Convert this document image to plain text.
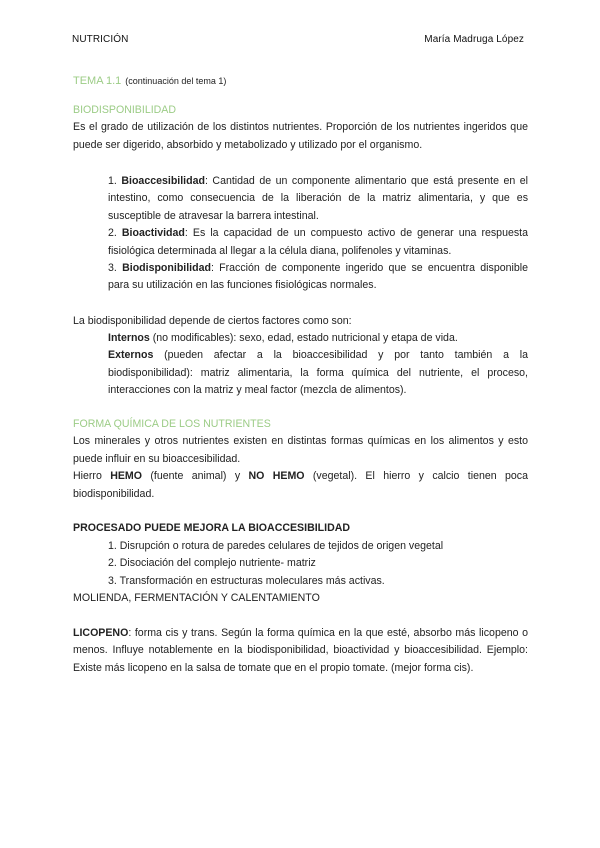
NUTRICIÓN	María Madruga López
TEMA 1.1 (continuación del tema 1)
BIODISPONIBILIDAD

Es el grado de utilización de los distintos nutrientes. Proporción de los nutrientes ingeridos que puede ser digerido, absorbido y metabolizado y utilizado por el organismo.

1. Bioaccesibilidad: Cantidad de un componente alimentario que está presente en el intestino, como consecuencia de la liberación de la matriz alimentaria, y que es susceptible de atravesar la barrera intestinal.

2. Bioactividad: Es la capacidad de un compuesto activo de generar una respuesta fisiológica determinada al llegar a la célula diana, polifenoles y vitaminas.

3. Biodisponibilidad: Fracción de componente ingerido que se encuentra disponible para su utilización en las funciones fisiológicas normales.

La biodisponibilidad depende de ciertos factores como son:

Internos (no modificables): sexo, edad, estado nutricional y etapa de vida.

Externos (pueden afectar a la bioaccesibilidad y por tanto también a la biodisponibilidad): matriz alimentaria, la forma química del nutriente, el proceso, interacciones con la matriz y meal factor (mezcla de alimentos).

FORMA QUÍMICA DE LOS NUTRIENTES

Los minerales y otros nutrientes existen en distintas formas químicas en los alimentos y esto puede influir en su bioaccesibilidad.

Hierro HEMO (fuente animal) y NO HEMO (vegetal). El hierro y calcio tienen poca biodisponibilidad.

PROCESADO PUEDE MEJORA LA BIOACCESIBILIDAD
1. Disrupción o rotura de paredes celulares de tejidos de origen vegetal
2. Disociación del complejo nutriente- matriz
3. Transformación en estructuras moleculares más activas.
MOLIENDA, FERMENTACIÓN Y CALENTAMIENTO

LICOPENO: forma cis y trans. Según la forma química en la que esté, absorbo más licopeno o menos. Influye notablemente en la biodisponibilidad, bioactividad y bioaccesibilidad. Ejemplo: Existe más licopeno en la salsa de tomate que en el propio tomate. (mejor forma cis).
